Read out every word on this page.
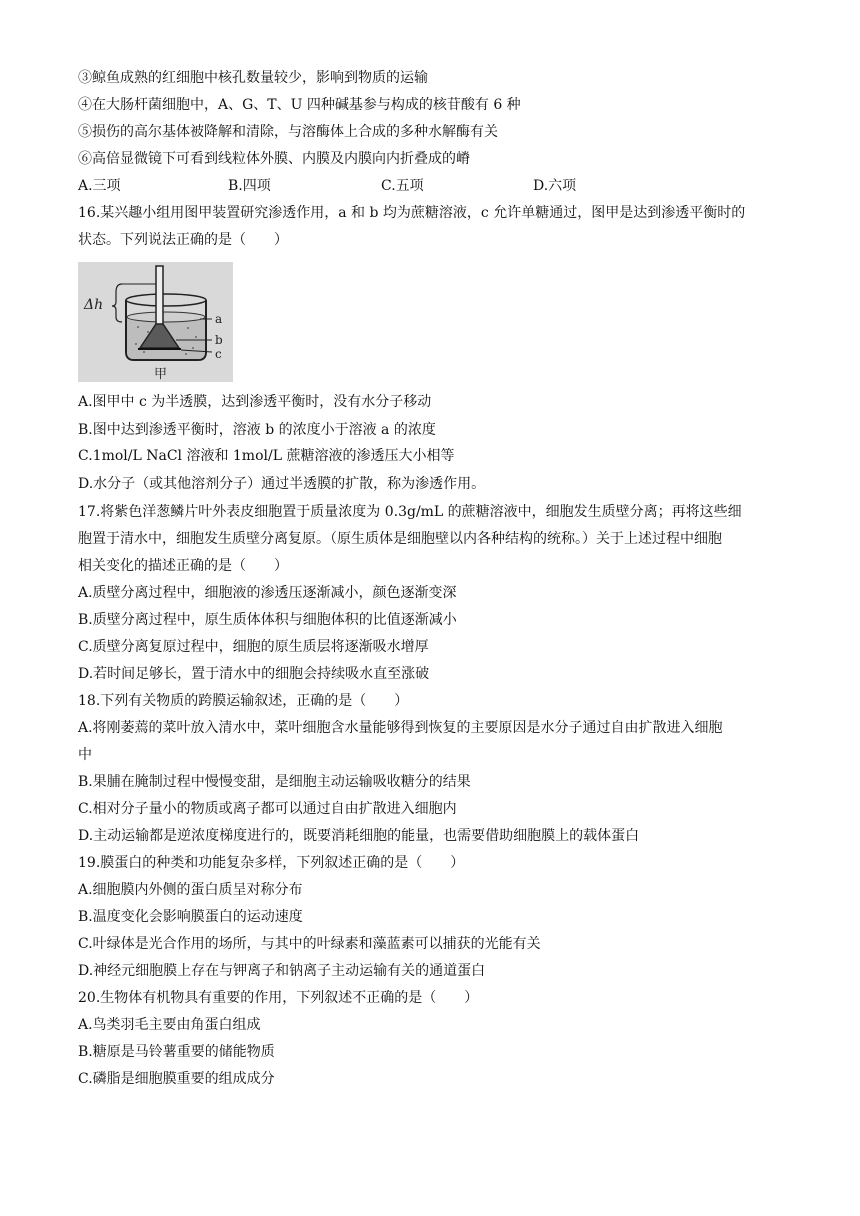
③鲸鱼成熟的红细胞中核孔数量较少，影响到物质的运输
④在大肠杆菌细胞中，A、G、T、U 四种碱基参与构成的核苷酸有 6 种
⑤损伤的高尔基体被降解和清除，与溶酶体上合成的多种水解酶有关
⑥高倍显微镜下可看到线粒体外膜、内膜及内膜向内折叠成的嵴
A.三项	B.四项	C.五项	D.六项
16.某兴趣小组用图甲装置研究渗透作用，a 和 b 均为蔗糖溶液，c 允许单糖通过，图甲是达到渗透平衡时的
状态。下列说法正确的是（　　）
Δh
a
b
c
甲
A.图甲中 c 为半透膜，达到渗透平衡时，没有水分子移动
B.图中达到渗透平衡时，溶液 b 的浓度小于溶液 a 的浓度
C.1mol/L NaCl 溶液和 1mol/L 蔗糖溶液的渗透压大小相等
D.水分子（或其他溶剂分子）通过半透膜的扩散，称为渗透作用。
17.将紫色洋葱鳞片叶外表皮细胞置于质量浓度为 0.3g/mL 的蔗糖溶液中，细胞发生质壁分离；再将这些细
胞置于清水中，细胞发生质壁分离复原。（原生质体是细胞壁以内各种结构的统称。）关于上述过程中细胞
相关变化的描述正确的是（　　）
A.质壁分离过程中，细胞液的渗透压逐渐减小，颜色逐渐变深
B.质壁分离过程中，原生质体体积与细胞体积的比值逐渐减小
C.质壁分离复原过程中，细胞的原生质层将逐渐吸水增厚
D.若时间足够长，置于清水中的细胞会持续吸水直至涨破
18.下列有关物质的跨膜运输叙述，正确的是（　　）
A.将刚萎蔫的菜叶放入清水中，菜叶细胞含水量能够得到恢复的主要原因是水分子通过自由扩散进入细胞
中
B.果脯在腌制过程中慢慢变甜，是细胞主动运输吸收糖分的结果
C.相对分子量小的物质或离子都可以通过自由扩散进入细胞内
D.主动运输都是逆浓度梯度进行的，既要消耗细胞的能量，也需要借助细胞膜上的载体蛋白
19.膜蛋白的种类和功能复杂多样，下列叙述正确的是（　　）
A.细胞膜内外侧的蛋白质呈对称分布
B.温度变化会影响膜蛋白的运动速度
C.叶绿体是光合作用的场所，与其中的叶绿素和藻蓝素可以捕获的光能有关
D.神经元细胞膜上存在与钾离子和钠离子主动运输有关的通道蛋白
20.生物体有机物具有重要的作用，下列叙述不正确的是（　　）
A.鸟类羽毛主要由角蛋白组成
B.糖原是马铃薯重要的储能物质
C.磷脂是细胞膜重要的组成成分
